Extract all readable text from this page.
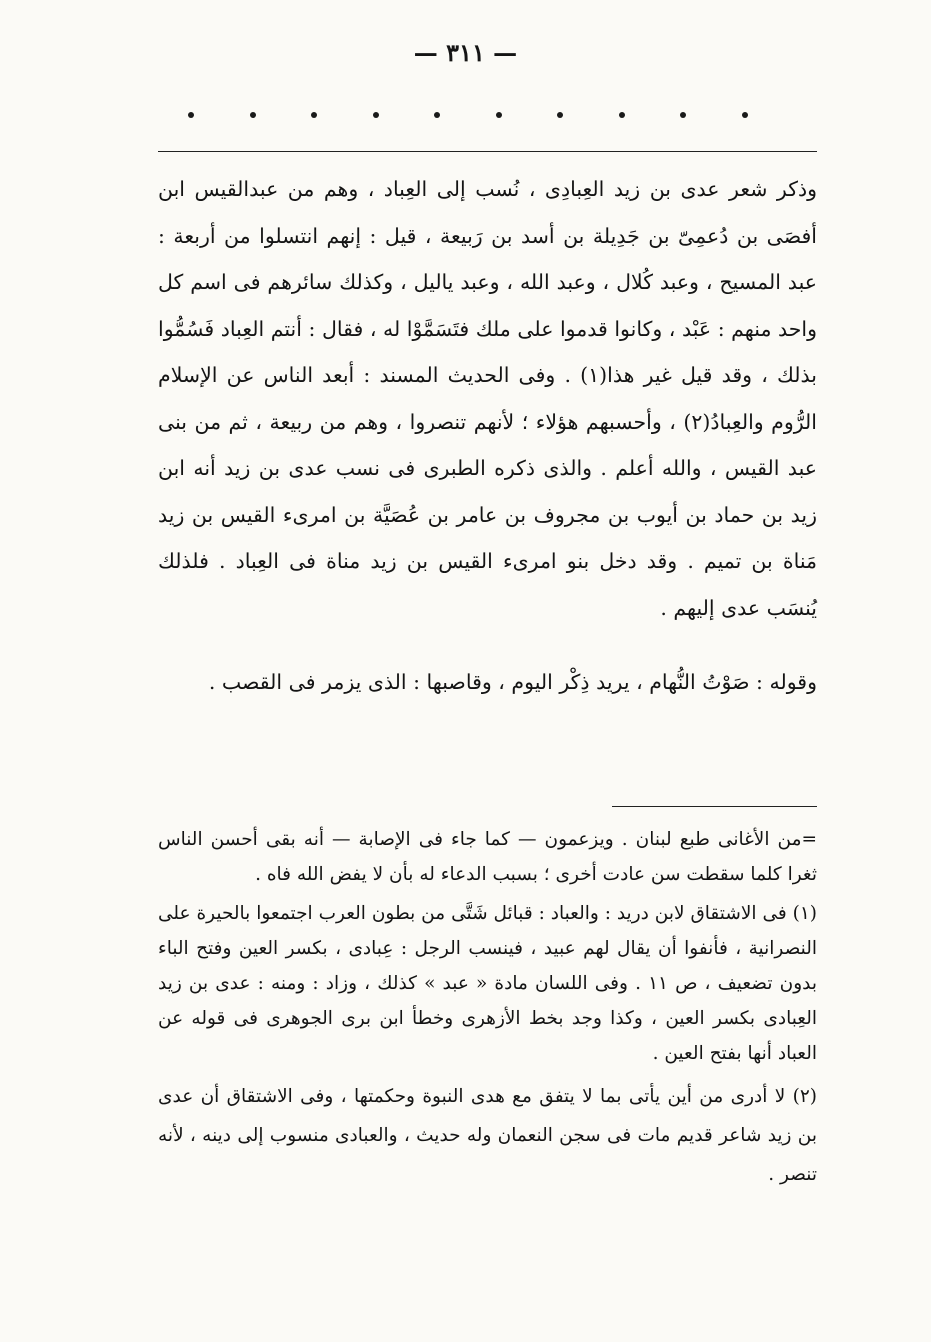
— ٣١١ —

وذكر شعر عدى بن زيد العِبادِى ، نُسب إلى العِباد ، وهم من عبدالقيس ابن أفصَى بن دُعمِىّ بن جَدِيلة بن أسد بن رَبيعة ، قيل : إنهم انتسلوا من أربعة : عبد المسيح ، وعبد كُلال ، وعبد الله ، وعبد ياليل ، وكذلك سائرهم فى اسم كل واحد منهم : عَبْد ، وكانوا قدموا على ملك فتَسَمَّوْا له ، فقال : أنتم العِباد فَسُمُّوا بذلك ، وقد قيل غير هذا(١) . وفى الحديث المسند : أبعد الناس عن الإسلام الرُّوم والعِبادُ(٢) ، وأحسبهم هؤلاء ؛ لأنهم تنصروا ، وهم من ربيعة ، ثم من بنى عبد القيس ، والله أعلم . والذى ذكره الطبرى فى نسب عدى بن زيد أنه ابن زيد بن حماد بن أيوب بن مجروف بن عامر بن عُصَيَّة بن امرىء القيس بن زيد مَناة بن تميم . وقد دخل بنو امرىء القيس بن زيد مناة فى العِباد . فلذلك يُنسَب عدى إليهم .

وقوله : صَوْتُ النُّهام ، يريد ذِكْر اليوم ، وقاصبها : الذى يزمر فى القصب .

=من الأغانى طبع لبنان . ويزعمون — كما جاء فى الإصابة — أنه بقى أحسن الناس ثغرا كلما سقطت سن عادت أخرى ؛ بسبب الدعاء له بأن لا يفض الله فاه .

(١) فى الاشتقاق لابن دريد : والعباد : قبائل شَتَّى من بطون العرب اجتمعوا بالحيرة على النصرانية ، فأنفوا أن يقال لهم عبيد ، فينسب الرجل : عِبادى ، بكسر العين وفتح الباء بدون تضعيف ، ص ١١ . وفى اللسان مادة « عبد » كذلك ، وزاد : ومنه : عدى بن زيد العِبادى بكسر العين ، وكذا وجد بخط الأزهرى وخطأ ابن برى الجوهرى فى قوله عن العباد أنها بفتح العين .

(٢) لا أدرى من أين يأتى بما لا يتفق مع هدى النبوة وحكمتها ، وفى الاشتقاق أن عدى بن زيد شاعر قديم مات فى سجن النعمان وله حديث ، والعبادى منسوب إلى دينه ، لأنه تنصر .
